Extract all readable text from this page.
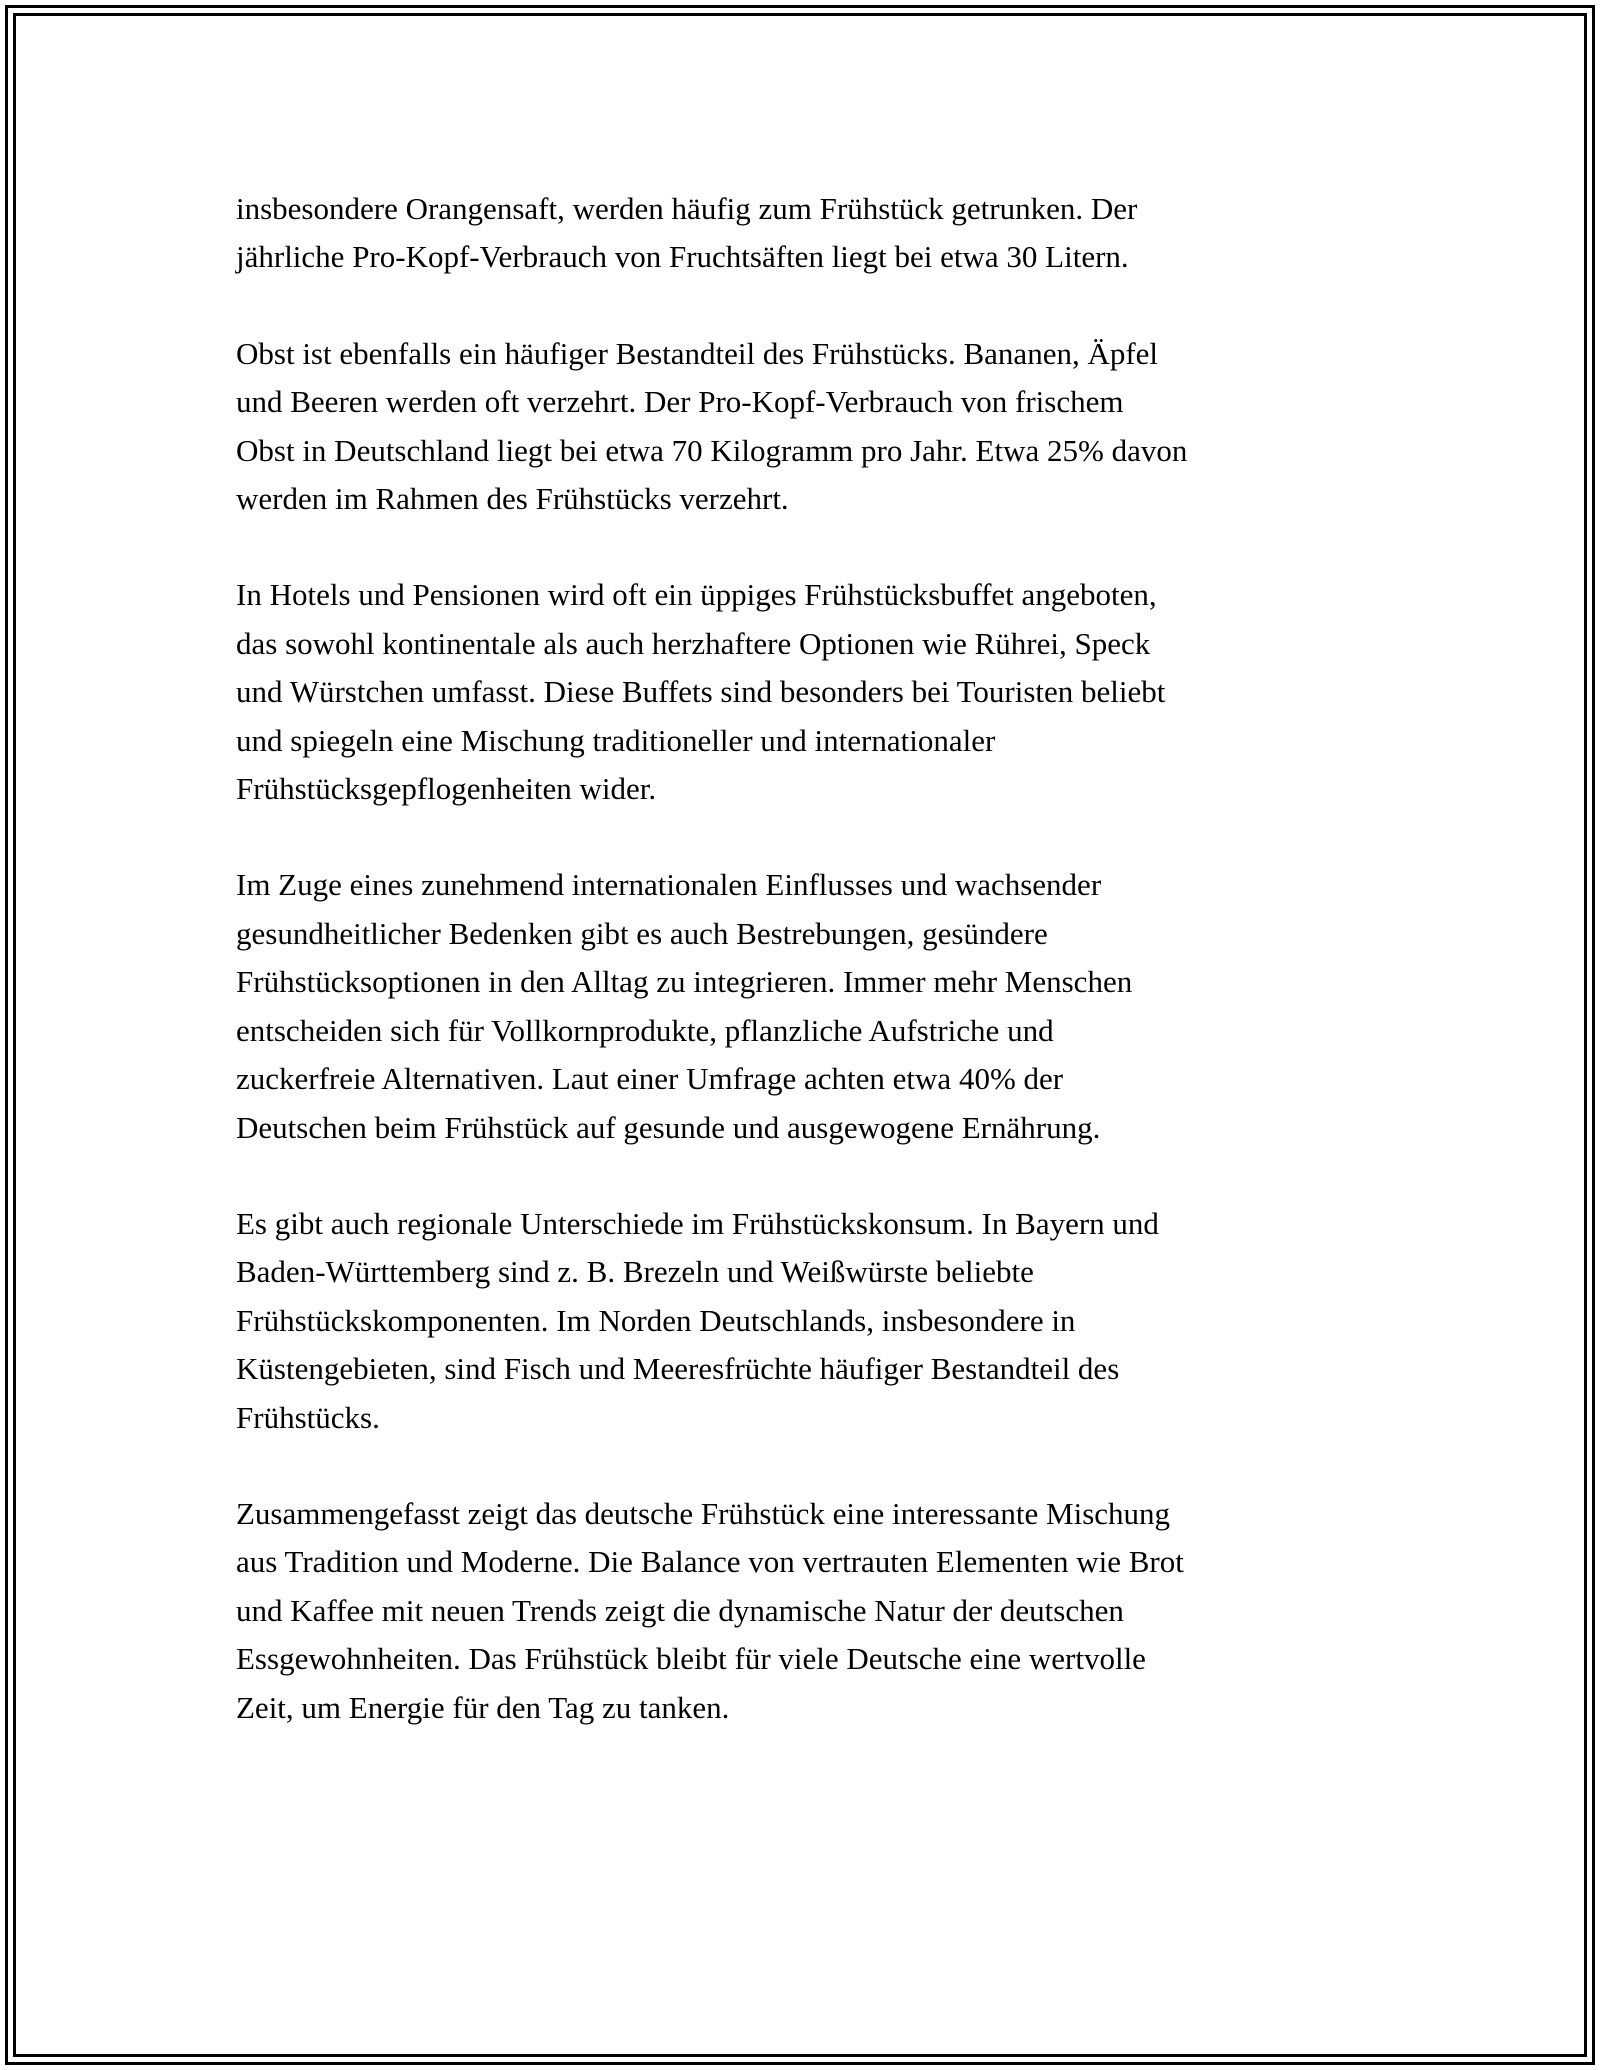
insbesondere Orangensaft, werden häufig zum Frühstück getrunken. Der
jährliche Pro-Kopf-Verbrauch von Fruchtsäften liegt bei etwa 30 Litern.

Obst ist ebenfalls ein häufiger Bestandteil des Frühstücks. Bananen, Äpfel
und Beeren werden oft verzehrt. Der Pro-Kopf-Verbrauch von frischem
Obst in Deutschland liegt bei etwa 70 Kilogramm pro Jahr. Etwa 25% davon
werden im Rahmen des Frühstücks verzehrt.

In Hotels und Pensionen wird oft ein üppiges Frühstücksbuffet angeboten,
das sowohl kontinentale als auch herzhaftere Optionen wie Rührei, Speck
und Würstchen umfasst. Diese Buffets sind besonders bei Touristen beliebt
und spiegeln eine Mischung traditioneller und internationaler
Frühstücksgepflogenheiten wider.

Im Zuge eines zunehmend internationalen Einflusses und wachsender
gesundheitlicher Bedenken gibt es auch Bestrebungen, gesündere
Frühstücksoptionen in den Alltag zu integrieren. Immer mehr Menschen
entscheiden sich für Vollkornprodukte, pflanzliche Aufstriche und
zuckerfreie Alternativen. Laut einer Umfrage achten etwa 40% der
Deutschen beim Frühstück auf gesunde und ausgewogene Ernährung.

Es gibt auch regionale Unterschiede im Frühstückskonsum. In Bayern und
Baden-Württemberg sind z. B. Brezeln und Weißwürste beliebte
Frühstückskomponenten. Im Norden Deutschlands, insbesondere in
Küstengebieten, sind Fisch und Meeresfrüchte häufiger Bestandteil des
Frühstücks.

Zusammengefasst zeigt das deutsche Frühstück eine interessante Mischung
aus Tradition und Moderne. Die Balance von vertrauten Elementen wie Brot
und Kaffee mit neuen Trends zeigt die dynamische Natur der deutschen
Essgewohnheiten. Das Frühstück bleibt für viele Deutsche eine wertvolle
Zeit, um Energie für den Tag zu tanken.
